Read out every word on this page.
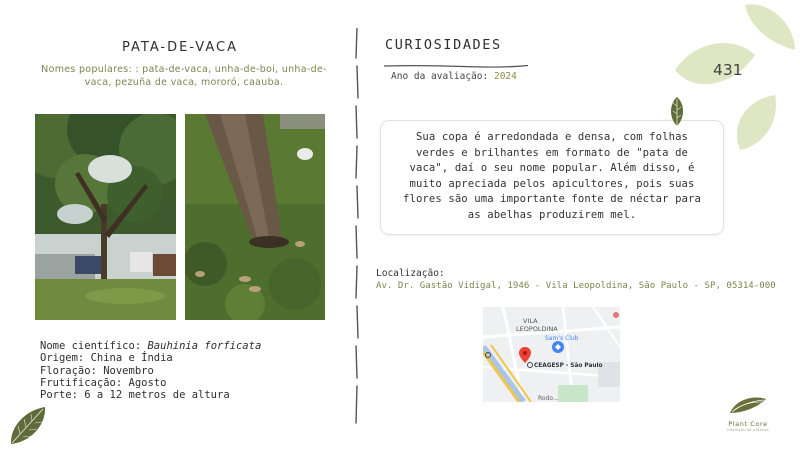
PATA-DE-VACA
Nomes populares: : pata-de-vaca, unha-de-boi, unha-de-vaca, pezuña de vaca, mororó, caauba.
Nome científico: Bauhinia forficata
Origem: China e Índia
Floração: Novembro
Frutificação: Agosto
Porte: 6 a 12 metros de altura
CURIOSIDADES
Ano da avaliação: 2024
Sua copa é arredondada e densa, com folhas verdes e brilhantes em formato de "pata de vaca", daí o seu nome popular. Além disso, é muito apreciada pelos apicultores, pois suas flores são uma importante fonte de néctar para as abelhas produzirem mel.
Localização:
Av. Dr. Gastão Vidigal, 1946 - Vila Leopoldina, São Paulo - SP, 05314-000
VILA
LEOPOLDINA
Sam's Club
CEAGESP - São Paulo
Rodo...
431
Plant Core
instituto de plantas
